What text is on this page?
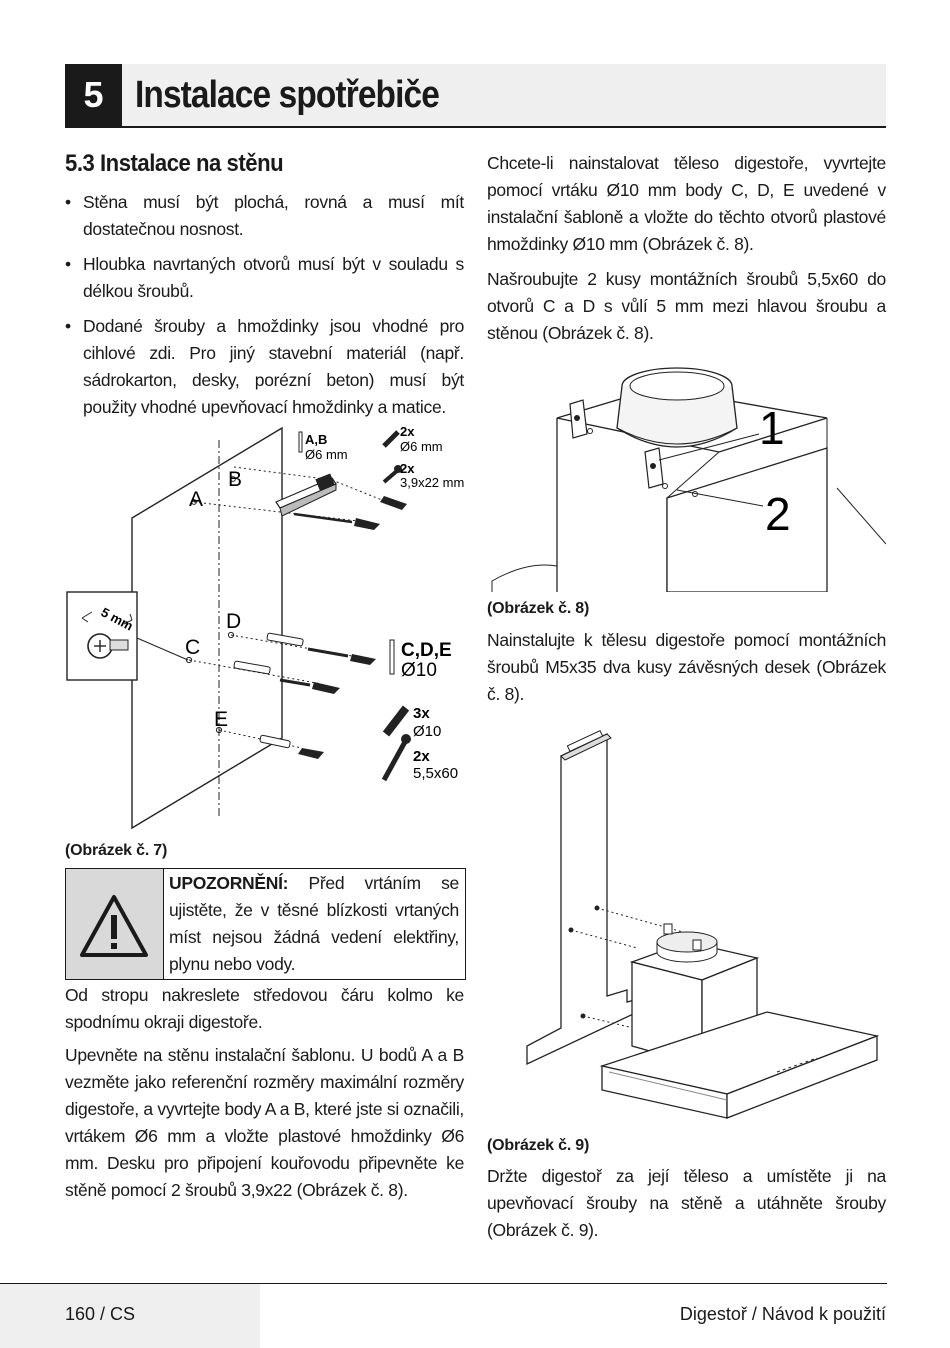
5 Instalace spotřebiče
5.3 Instalace na stěnu
• Stěna musí být plochá, rovná a musí mít dostatečnou nosnost.
• Hloubka navrtaných otvorů musí být v souladu s délkou šroubů.
• Dodané šrouby a hmoždinky jsou vhodné pro cihlové zdi. Pro jiný stavební materiál (např. sádrokarton, desky, porézní beton) musí být použity vhodné upevňovací hmoždinky a matice.
A
B
C
D
E
5 mm
A,B
Ø6 mm
2x
Ø6 mm
2x
3,9x22 mm
C,D,E
Ø10
3x
Ø10
2x
5,5x60
(Obrázek č. 7)
UPOZORNĚNÍ: Před vrtáním se ujistěte, že v těsné blízkosti vrtaných míst nejsou žádná vedení elektřiny, plynu nebo vody.

Od stropu nakreslete středovou čáru kolmo ke spodnímu okraji digestoře.

Upevněte na stěnu instalační šablonu. U bodů A a B vezměte jako referenční rozměry maximální rozměry digestoře, a vyvrtejte body A a B, které jste si označili, vrtákem Ø6 mm a vložte plastové hmoždinky Ø6 mm. Desku pro připojení kouřovodu připevněte ke stěně pomocí 2 šroubů 3,9x22 (Obrázek č. 8).

Chcete-li nainstalovat těleso digestoře, vyvrtejte pomocí vrtáku Ø10 mm body C, D, E uvedené v instalační šabloně a vložte do těchto otvorů plastové hmoždinky Ø10 mm (Obrázek č. 8).

Našroubujte 2 kusy montážních šroubů 5,5x60 do otvorů C a D s vůlí 5 mm mezi hlavou šroubu a stěnou (Obrázek č. 8).

1
2
(Obrázek č. 8)

Nainstalujte k tělesu digestoře pomocí montážních šroubů M5x35 dva kusy závěsných desek (Obrázek č. 8).

(Obrázek č. 9)

Držte digestoř za její těleso a umístěte ji na upevňovací šrouby na stěně a utáhněte šrouby (Obrázek č. 9).

160 / CS	Digestoř / Návod k použití
